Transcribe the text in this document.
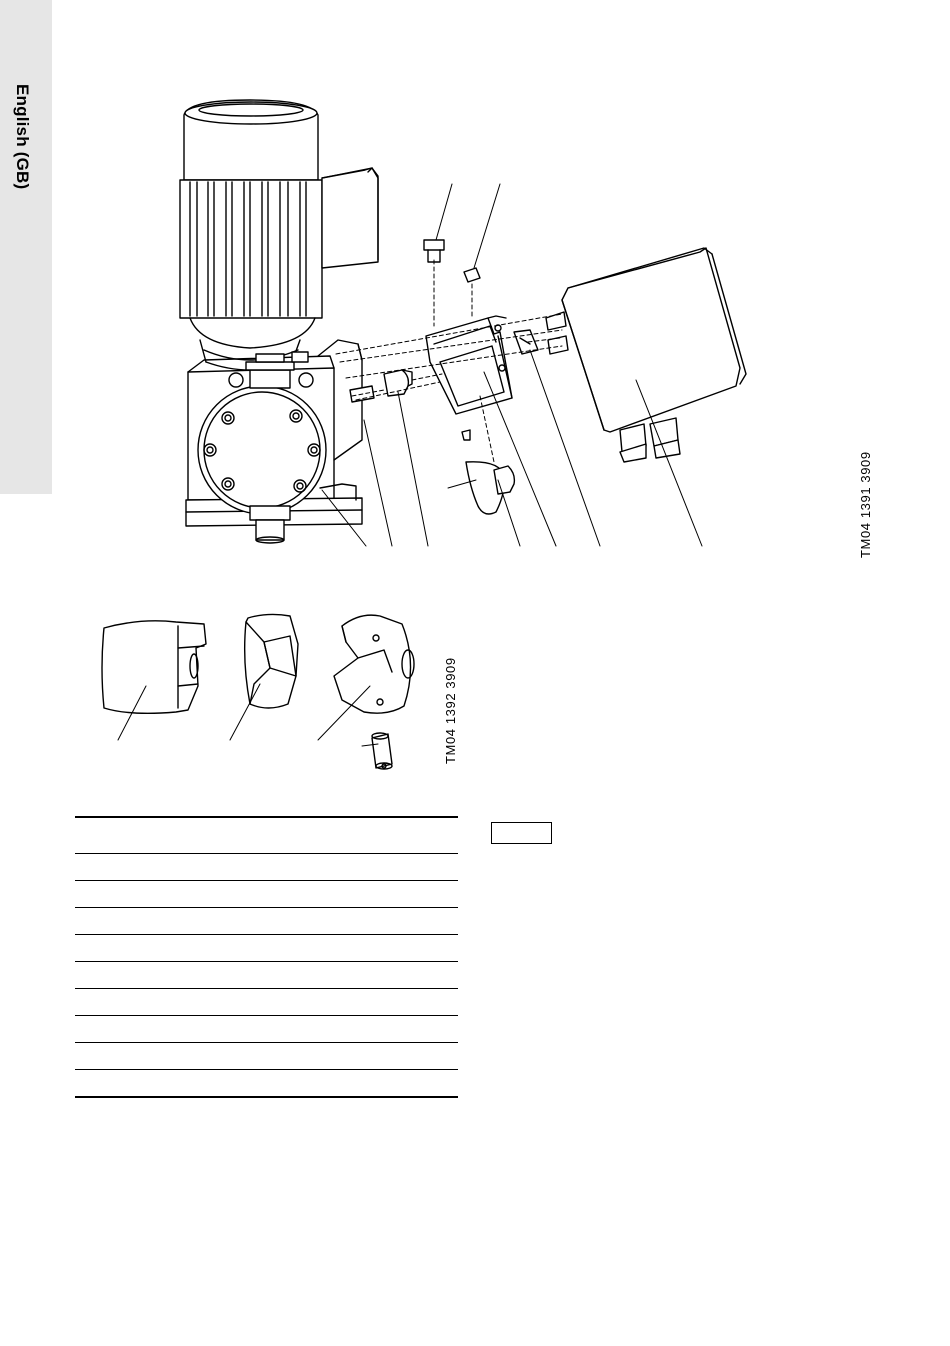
English (GB)
TM04 1391 3909
TM04 1392 3909
